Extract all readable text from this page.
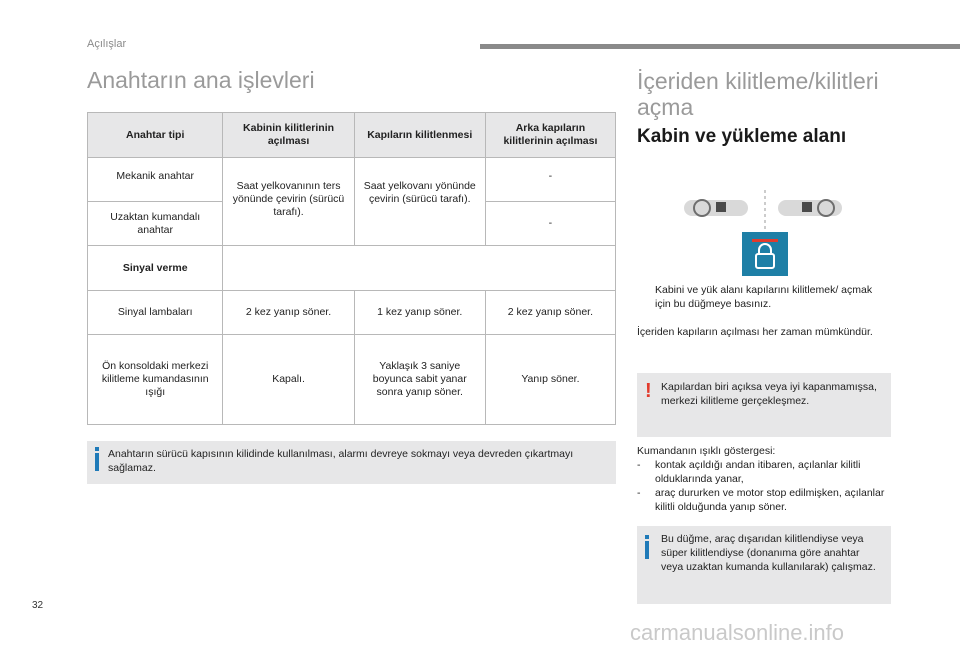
Açılışlar
Anahtarın ana işlevleri
Anahtar tipi	Kabinin kilitlerinin açılması	Kapıların kilitlenmesi	Arka kapıların kilitlerinin açılması
Mekanik anahtar	Saat yelkovanının ters yönünde çevirin (sürücü tarafı).	Saat yelkovanı yönünde çevirin (sürücü tarafı).	-
Uzaktan kumandalı anahtar			-
Sinyal verme			
Sinyal lambaları	2 kez yanıp söner.	1 kez yanıp söner.	2 kez yanıp söner.
Ön konsoldaki merkezi kilitleme kumandasının ışığı	Kapalı.	Yaklaşık 3 saniye boyunca sabit yanar sonra yanıp söner.	Yanıp söner.
Anahtarın sürücü kapısının kilidinde kullanılması, alarmı devreye sokmayı veya devreden çıkartmayı sağlamaz.
İçeriden kilitleme/kilitleri açma
Kabin ve yükleme alanı
Kabini ve yük alanı kapılarını kilitlemek/ açmak için bu düğmeye basınız.
İçeriden kapıların açılması her zaman mümkündür.
! Kapılardan biri açıksa veya iyi kapanmamışsa, merkezi kilitleme gerçekleşmez.
Kumandanın ışıklı göstergesi:
- kontak açıldığı andan itibaren, açılanlar kilitli olduklarında yanar,
- araç dururken ve motor stop edilmişken, açılanlar kilitli olduğunda yanıp söner.
Bu düğme, araç dışarıdan kilitlendiyse veya süper kilitlendiyse (donanıma göre anahtar veya uzaktan kumanda kullanılarak) çalışmaz.
32
carmanualsonline.info
